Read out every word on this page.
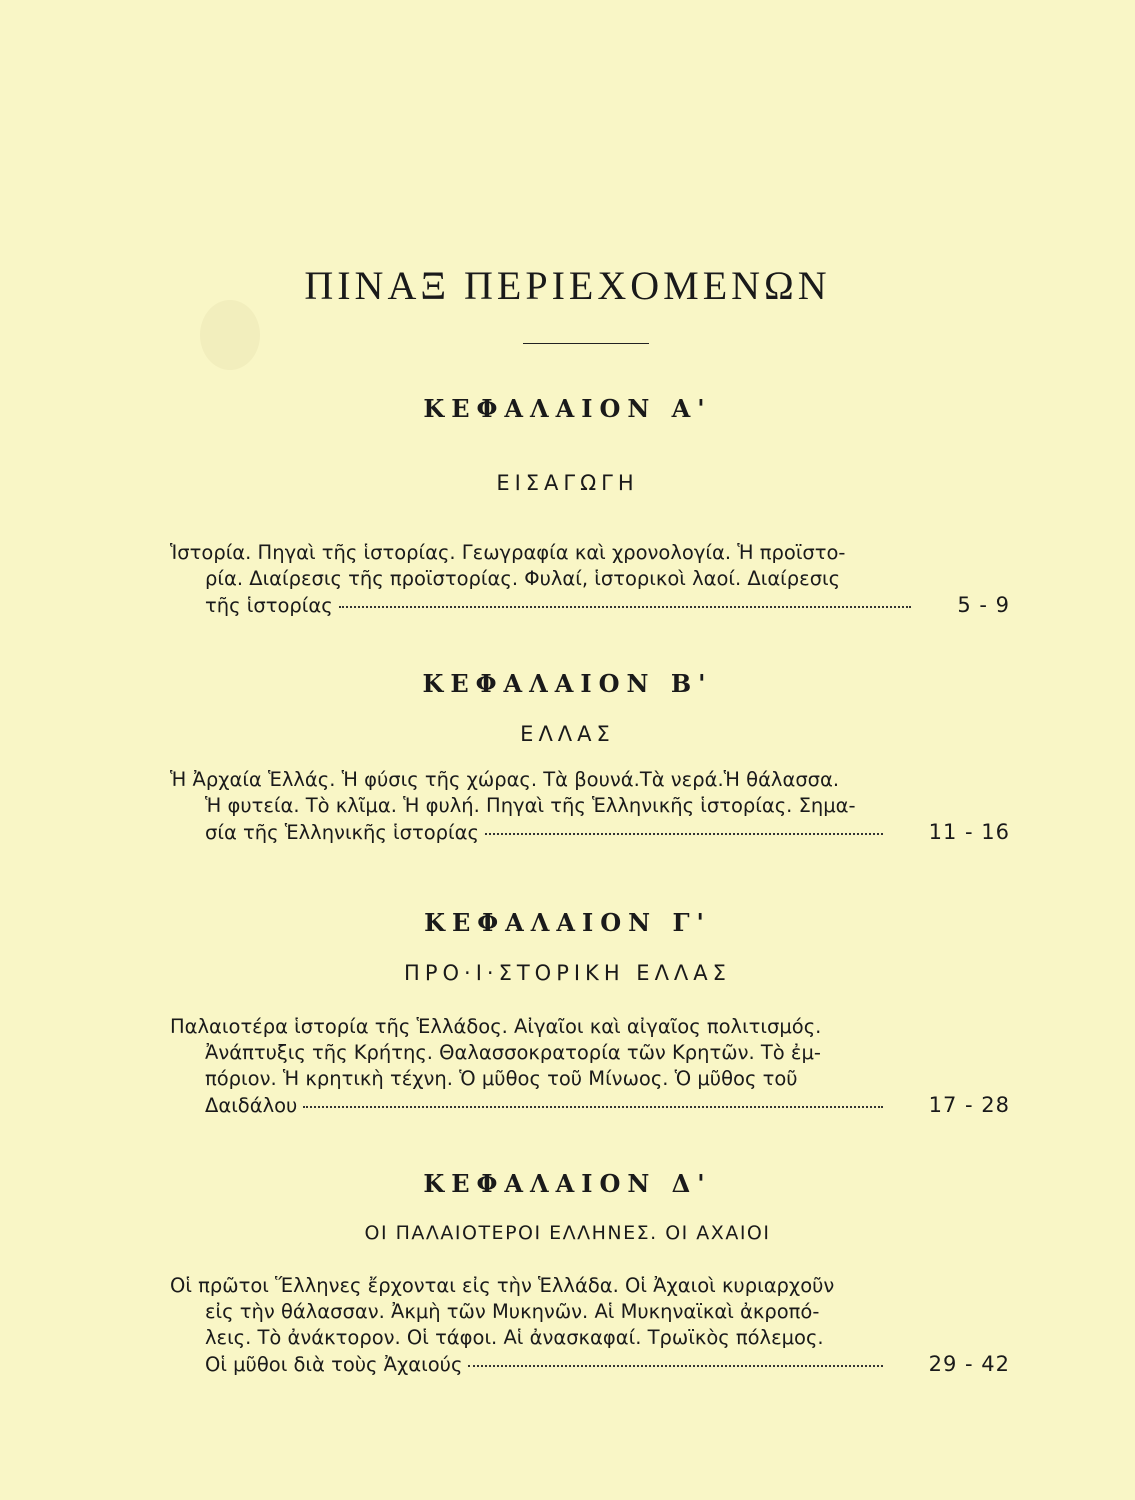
ΠΙΝΑΞ ΠΕΡΙΕΧΟΜΕΝΩΝ
ΚΕΦΑΛΑΙΟΝ Α'
ΕΙΣΑΓΩΓΗ
Ἱστορία. Πηγαὶ τῆς ἱστορίας. Γεωγραφία καὶ χρονολογία. Ἡ προϊστο-
ρία. Διαίρεσις τῆς προϊστορίας. Φυλαί, ἱστορικοὶ λαοί. Διαίρεσις
τῆς ἱστορίας	5 - 9
ΚΕΦΑΛΑΙΟΝ Β'
ΕΛΛΑΣ
Ἡ Ἀρχαία Ἑλλάς. Ἡ φύσις τῆς χώρας. Τὰ βουνά.Τὰ νερά.Ἡ θάλασσα.
Ἡ φυτεία. Τὸ κλῖμα. Ἡ φυλή. Πηγαὶ τῆς Ἑλληνικῆς ἱστορίας. Σημα-
σία τῆς Ἑλληνικῆς ἱστορίας	11 - 16
ΚΕΦΑΛΑΙΟΝ Γ'
ΠΡΟ·Ι·ΣΤΟΡΙΚΗ ΕΛΛΑΣ
Παλαιοτέρα ἱστορία τῆς Ἑλλάδος. Αἰγαῖοι καὶ αἰγαῖος πολιτισμός.
Ἀνάπτυξις τῆς Κρήτης. Θαλασσοκρατορία τῶν Κρητῶν. Τὸ ἐμ-
πόριον. Ἡ κρητικὴ τέχνη. Ὁ μῦθος τοῦ Μίνωος. Ὁ μῦθος τοῦ
Δαιδάλου	17 - 28
ΚΕΦΑΛΑΙΟΝ Δ'
ΟΙ ΠΑΛΑΙΟΤΕΡΟΙ ΕΛΛΗΝΕΣ. ΟΙ ΑΧΑΙΟΙ
Οἱ πρῶτοι Ἕλληνες ἔρχονται εἰς τὴν Ἑλλάδα. Οἱ Ἀχαιοὶ κυριαρχοῦν
εἰς τὴν θάλασσαν. Ἀκμὴ τῶν Μυκηνῶν. Αἱ Μυκηναϊκαὶ ἀκροπό-
λεις. Τὸ ἀνάκτορον. Οἱ τάφοι. Αἱ ἀνασκαφαί. Τρωϊκὸς πόλεμος.
Οἱ μῦθοι διὰ τοὺς Ἀχαιούς	29 - 42
